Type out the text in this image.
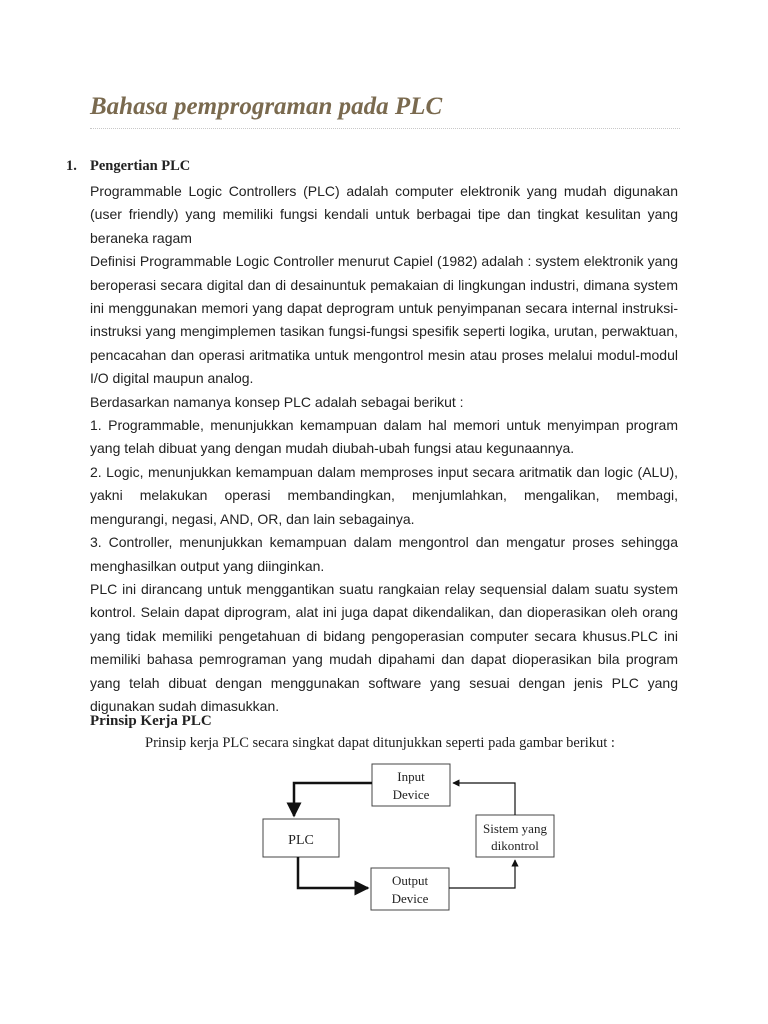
Bahasa pemprograman pada PLC
1. Pengertian PLC

Programmable Logic Controllers (PLC) adalah computer elektronik yang mudah digunakan (user friendly) yang memiliki fungsi kendali untuk berbagai tipe dan tingkat kesulitan yang beraneka ragam

Definisi Programmable Logic Controller menurut Capiel (1982) adalah : system elektronik yang beroperasi secara digital dan di desainuntuk pemakaian di lingkungan industri, dimana system ini menggunakan memori yang dapat deprogram untuk penyimpanan secara internal instruksi-instruksi yang mengimplemen tasikan fungsi-fungsi spesifik seperti logika, urutan, perwaktuan, pencacahan dan operasi aritmatika untuk mengontrol mesin atau proses melalui modul-modul I/O digital maupun analog.

Berdasarkan namanya konsep PLC adalah sebagai berikut :

1. Programmable, menunjukkan kemampuan dalam hal memori untuk menyimpan program yang telah dibuat yang dengan mudah diubah-ubah fungsi atau kegunaannya.

2. Logic, menunjukkan kemampuan dalam memproses input secara aritmatik dan logic (ALU), yakni melakukan operasi membandingkan, menjumlahkan, mengalikan, membagi, mengurangi, negasi, AND, OR, dan lain sebagainya.

3. Controller, menunjukkan kemampuan dalam mengontrol dan mengatur proses sehingga menghasilkan output yang diinginkan.

PLC ini dirancang untuk menggantikan suatu rangkaian relay sequensial dalam suatu system kontrol. Selain dapat diprogram, alat ini juga dapat dikendalikan, dan dioperasikan oleh orang yang tidak memiliki pengetahuan di bidang pengoperasian computer secara khusus.PLC ini memiliki bahasa pemrograman yang mudah dipahami dan dapat dioperasikan bila program yang telah dibuat dengan menggunakan software yang sesuai dengan jenis PLC yang digunakan sudah dimasukkan.

Prinsip Kerja PLC
Prinsip kerja PLC secara singkat dapat ditunjukkan seperti pada gambar berikut :
Input
Device
PLC
Sistem yang
dikontrol
Output
Device
